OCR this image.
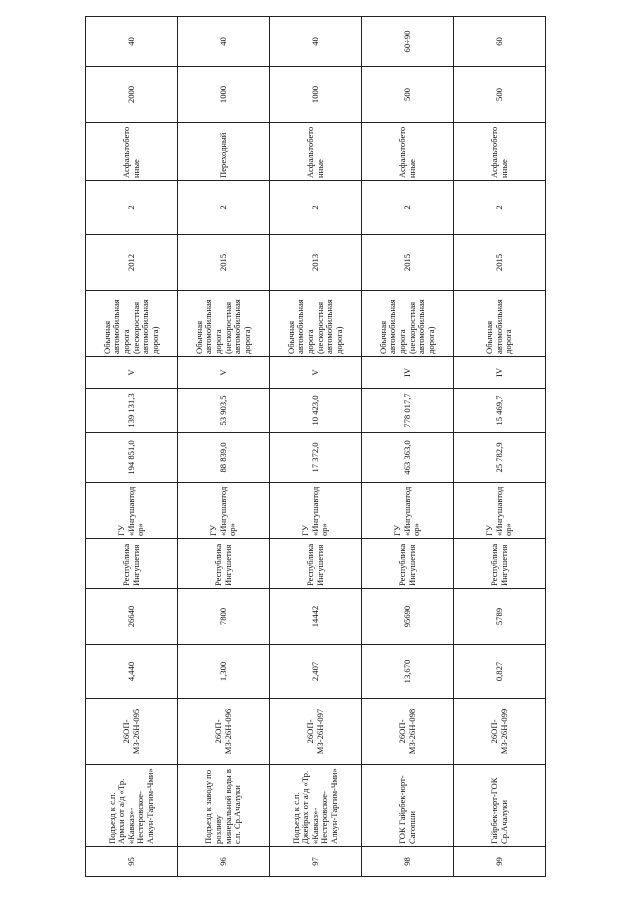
95	Подъезд к с.п. Армхи от а/д «Тр. «Кавказ»-Нестеровское-Алкун-Таргим-Чми»	26ОП-МЗ-26Н-095	4,440	26640	Республика Ингушетия	ГУ «Ингушавтодор»	194 851,0	139 131,3	V	Обычная автомобильная дорога (нескоростная автомобильная дорога)	2012	2	Асфальтобетонные	2000	40
96	Подъезд к заводу по розливу минеральной воды в с.п. Ср.Ачалуки	26ОП-МЗ-26Н-096	1,300	7800	Республика Ингушетия	ГУ «Ингушавтодор»	88 839,0	53 903,5	V	Обычная автомобильная дорога (нескоростная автомобильная дорога)	2015	2	Переходный	1000	40
97	Подъезд к с.п. Джейрах от а/д «Тр. «Кавказ»-Нестеровское-Алкун-Таргим-Чми»	26ОП-МЗ-26Н-097	2,407	14442	Республика Ингушетия	ГУ «Ингушавтодор»	17 372,0	10 423,0	V	Обычная автомобильная дорога (нескоростная автомобильная дорога)	2013	2	Асфальтобетонные	1000	40
98	ГОК Гайрбек-юрт-Сагопши	26ОП-МЗ-26Н-098	13,670	95690	Республика Ингушетия	ГУ «Ингушавтодор»	463 363,0	778 017,7	IV	Обычная автомобильная дорога (нескоростная автомобильная дорога)	2015	2	Асфальтобетонные	500	60÷90
99	Гайрбек-юрт-ГОК Ср.Ачалуки	26ОП-МЗ-26Н-099	0,827	5789	Республика Ингушетия	ГУ «Ингушавтодор»	25 782,9	15 469,7	IV	Обычная автомобильная дорога	2015	2	Асфальтобетонные	500	60
